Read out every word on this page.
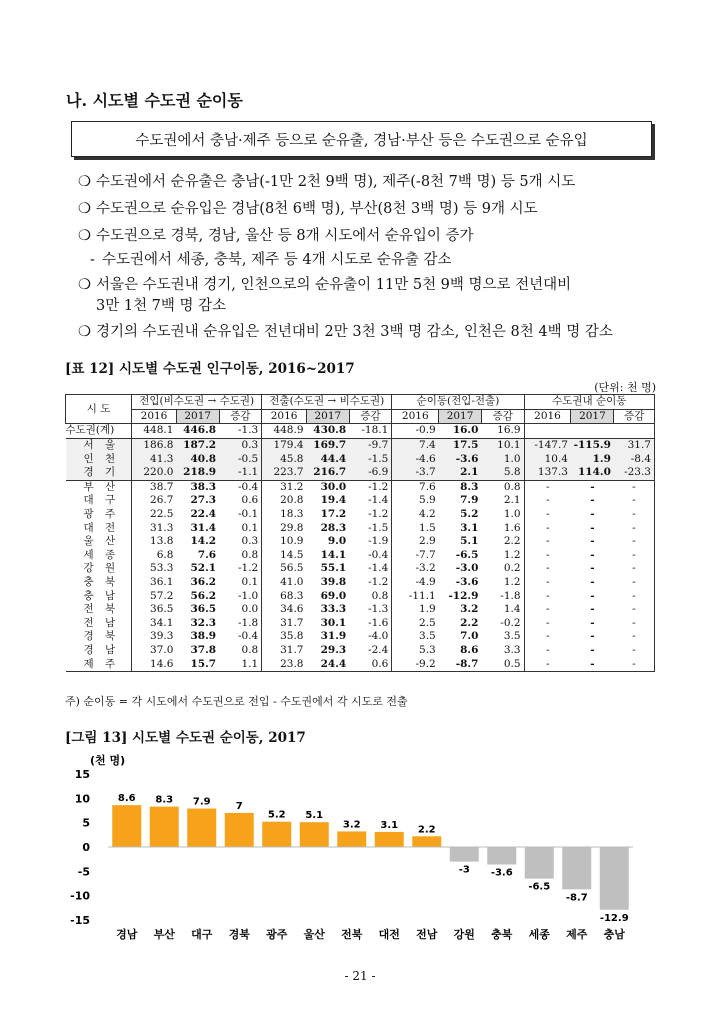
나. 시도별 수도권 순이동
수도권에서 충남·제주 등으로 순유출, 경남·부산 등은 수도권으로 순유입
❍ 수도권에서 순유출은 충남(-1만 2천 9백 명), 제주(-8천 7백 명) 등 5개 시도
❍ 수도권으로 순유입은 경남(8천 6백 명), 부산(8천 3백 명) 등 9개 시도
❍ 수도권으로 경북, 경남, 울산 등 8개 시도에서 순유입이 증가
- 수도권에서 세종, 충북, 제주 등 4개 시도로 순유출 감소
❍ 서울은 수도권내 경기, 인천으로의 순유출이 11만 5천 9백 명으로 전년대비
3만 1천 7백 명 감소
❍ 경기의 수도권내 순유입은 전년대비 2만 3천 3백 명 감소, 인천은 8천 4백 명 감소
[표 12] 시도별 수도권 인구이동, 2016~2017
(단위: 천 명)
시 도	전입(비수도권 → 수도권)			전출(수도권 → 비수도권)			순이동(전입-전출)			수도권내 순이동		
	2016	2017	증감	2016	2017	증감	2016	2017	증감	2016	2017	증감
수도권(계)	448.1	446.8	-1.3	448.9	430.8	-18.1	-0.9	16.0	16.9			
서 울	186.8	187.2	0.3	179.4	169.7	-9.7	7.4	17.5	10.1	-147.7	-115.9	31.7
인 천	41.3	40.8	-0.5	45.8	44.4	-1.5	-4.6	-3.6	1.0	10.4	1.9	-8.4
경 기	220.0	218.9	-1.1	223.7	216.7	-6.9	-3.7	2.1	5.8	137.3	114.0	-23.3
부 산	38.7	38.3	-0.4	31.2	30.0	-1.2	7.6	8.3	0.8	-	-	-
대 구	26.7	27.3	0.6	20.8	19.4	-1.4	5.9	7.9	2.1	-	-	-
광 주	22.5	22.4	-0.1	18.3	17.2	-1.2	4.2	5.2	1.0	-	-	-
대 전	31.3	31.4	0.1	29.8	28.3	-1.5	1.5	3.1	1.6	-	-	-
울 산	13.8	14.2	0.3	10.9	9.0	-1.9	2.9	5.1	2.2	-	-	-
세 종	6.8	7.6	0.8	14.5	14.1	-0.4	-7.7	-6.5	1.2	-	-	-
강 원	53.3	52.1	-1.2	56.5	55.1	-1.4	-3.2	-3.0	0.2	-	-	-
충 북	36.1	36.2	0.1	41.0	39.8	-1.2	-4.9	-3.6	1.2	-	-	-
충 남	57.2	56.2	-1.0	68.3	69.0	0.8	-11.1	-12.9	-1.8	-	-	-
전 북	36.5	36.5	0.0	34.6	33.3	-1.3	1.9	3.2	1.4	-	-	-
전 남	34.1	32.3	-1.8	31.7	30.1	-1.6	2.5	2.2	-0.2	-	-	-
경 북	39.3	38.9	-0.4	35.8	31.9	-4.0	3.5	7.0	3.5	-	-	-
경 남	37.0	37.8	0.8	31.7	29.3	-2.4	5.3	8.6	3.3	-	-	-
제 주	14.6	15.7	1.1	23.8	24.4	0.6	-9.2	-8.7	0.5	-	-	-
주) 순이동 = 각 시도에서 수도권으로 전입 - 수도권에서 각 시도로 전출
[그림 13] 시도별 수도권 순이동, 2017
(천 명)
15
10
5
0
-5
-10
-15
8.6
경남
8.3
부산
7.9
대구
7
경북
5.2
광주
5.1
울산
3.2
전북
3.1
대전
2.2
전남
-3
강원
-3.6
충북
-6.5
세종
-8.7
제주
-12.9
충남
- 21 -
